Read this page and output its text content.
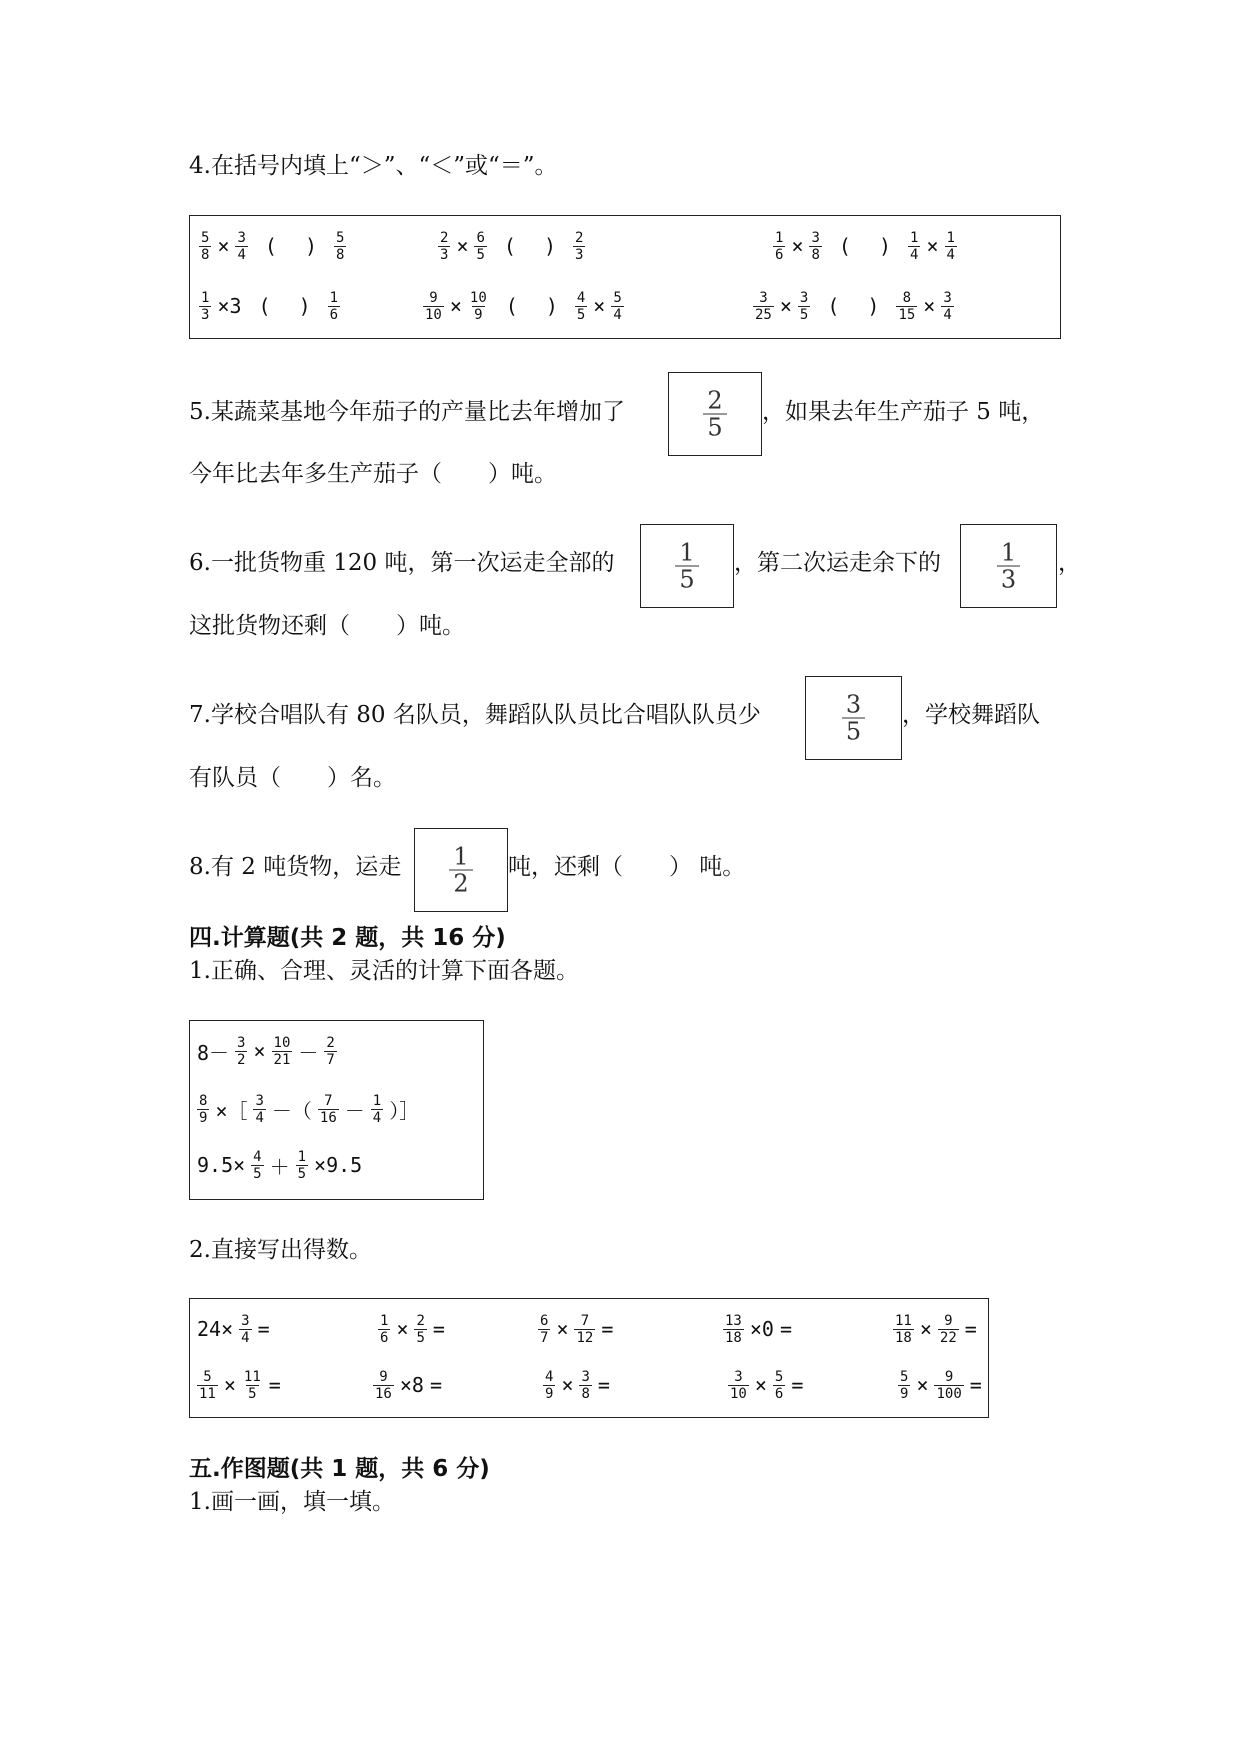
4.在括号内填上“＞”、“＜”或“＝”。
$\frac{5}{8} \times \frac{3}{4}$ ( ) $\frac{5}{8}$	$\frac{2}{3} \times \frac{6}{5}$ ( ) $\frac{2}{3}$	$\frac{1}{6} \times \frac{3}{8}$ ( ) $\frac{1}{4} \times \frac{1}{4}$
$\frac{1}{3} \times 3$ ( ) $\frac{1}{6}$	$\frac{9}{10} \times \frac{10}{9}$ ( ) $\frac{4}{5} \times \frac{5}{4}$	$\frac{3}{25} \times \frac{3}{5}$ ( ) $\frac{8}{15} \times \frac{3}{4}$
5.某蔬菜基地今年茄子的产量比去年增加了	2
5
，如果去年生产茄子 5 吨，
今年比去年多生产茄子（　　）吨。
6.一批货物重 120 吨，第一次运走全部的	1
5
，第二次运走余下的 1
3
，
这批货物还剩（　　）吨。
7.学校合唱队有 80 名队员，舞蹈队队员比合唱队队员少	3
5
，学校舞蹈队
有队员（　　）名。
8.有 2 吨货物，运走 1
2
吨，还剩（　　） 吨。
四.计算题(共 2 题，共 16 分)
1.正确、合理、灵活的计算下面各题。
$8- \frac{3}{2} \times \frac{10}{21} - \frac{2}{7}$
$\frac{8}{9}$ ×［ $\frac{3}{4}$ －（ $\frac{7}{16} - \frac{1}{4}$ ）］
$9.5\times \frac{4}{5} + \frac{1}{5} \times 9.5$
2.直接写出得数。
$24\times \frac{3}{4}$ =	$\frac{1}{6} \times \frac{2}{5}$ =	$\frac{6}{7} \times \frac{7}{12}$ =	$\frac{13}{18} \times 0$ =	$\frac{11}{18} \times \frac{9}{22}$ =
$\frac{5}{11} \times \frac{11}{5}$ =	$\frac{9}{16} \times 8$ =	$\frac{4}{9} \times \frac{3}{8}$ =	$\frac{3}{10} \times \frac{5}{6}$ =	$\frac{5}{9} \times \frac{9}{100}$ =
五.作图题(共 1 题，共 6 分)
1.画一画，填一填。
